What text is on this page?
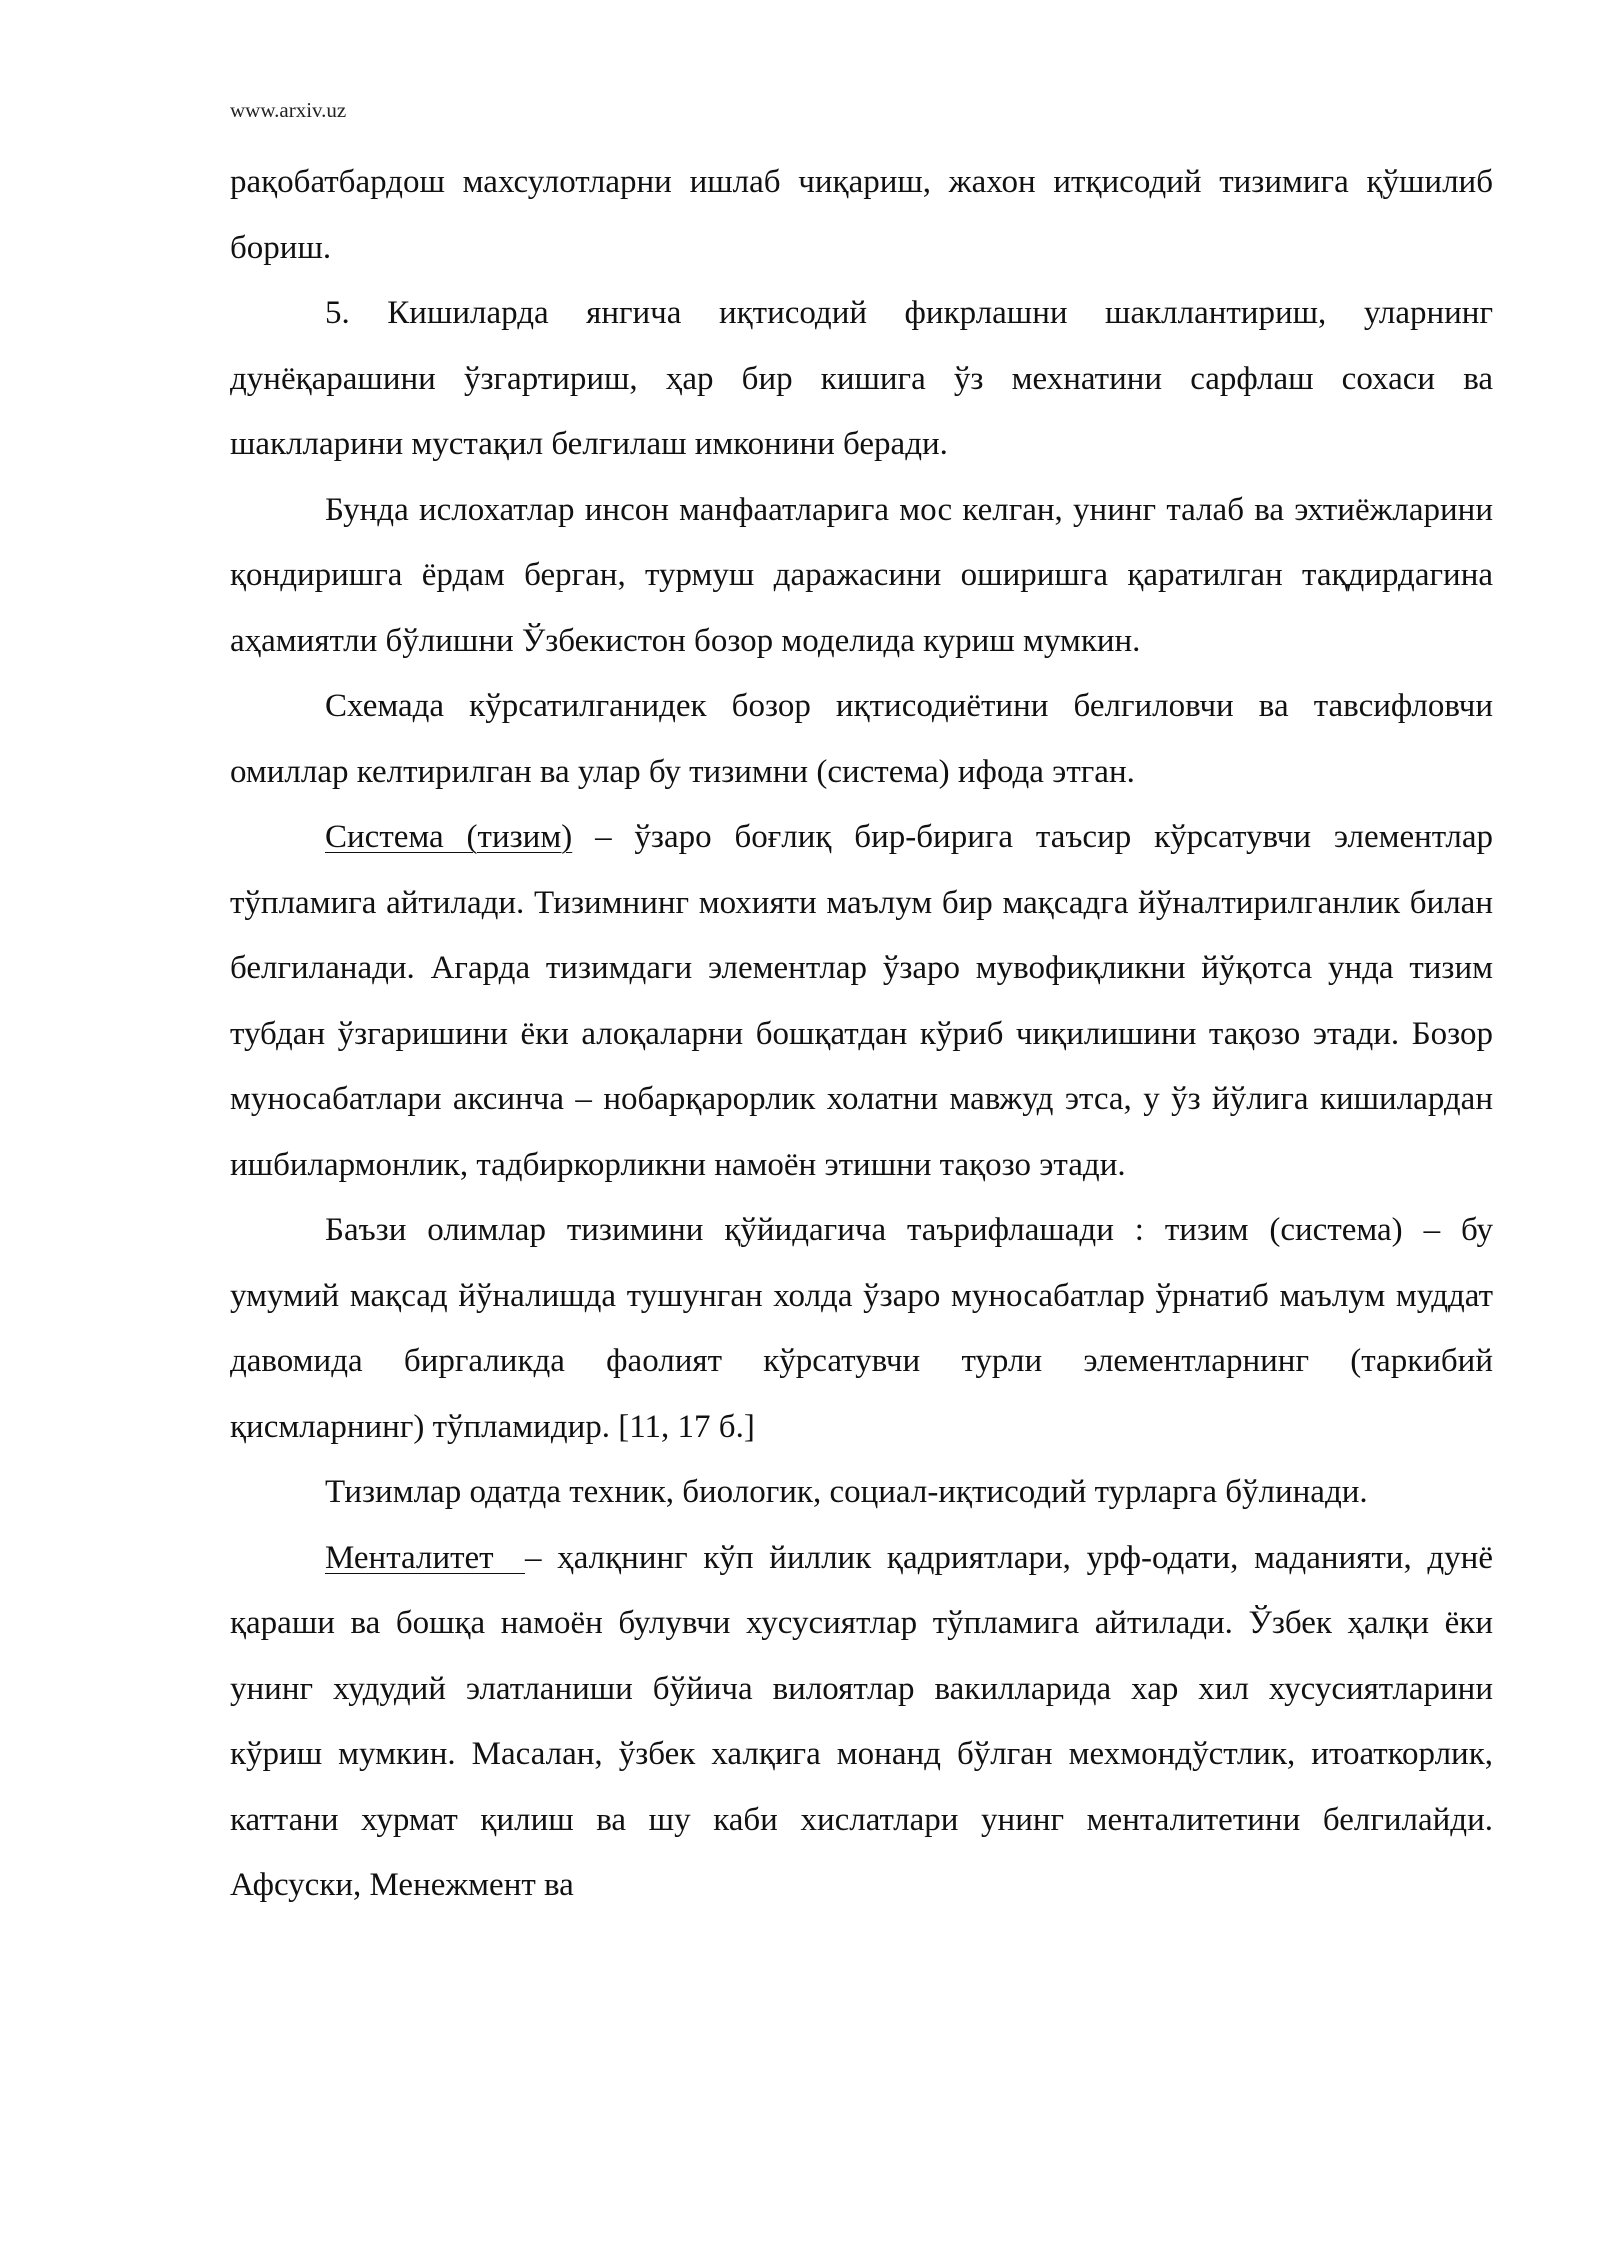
www.arxiv.uz

рақобатбардош махсулотларни ишлаб чиқариш, жахон итқисодий тизимига қўшилиб бориш.

5. Кишиларда янгича иқтисодий фикрлашни шакллантириш, уларнинг дунёқарашини ўзгартириш, ҳар бир кишига ўз мехнатини сарфлаш сохаси ва шаклларини мустақил белгилаш имконини беради.

Бунда ислохатлар инсон манфаатларига мос келган, унинг талаб ва эхтиёжларини қондиришга ёрдам берган, турмуш даражасини оширишга қаратилган тақдирдагина аҳамиятли бўлишни Ўзбекистон бозор моделида куриш мумкин.

Схемада кўрсатилганидек бозор иқтисодиётини белгиловчи ва тавсифловчи омиллар келтирилган ва улар бу тизимни (система) ифода этган.

Система (тизим) – ўзаро боғлиқ бир-бирига таъсир кўрсатувчи элементлар тўпламига айтилади. Тизимнинг мохияти маълум бир мақсадга йўналтирилганлик билан белгиланади. Агарда тизимдаги элементлар ўзаро мувофиқликни йўқотса унда тизим тубдан ўзгаришини ёки алоқаларни бошқатдан кўриб чиқилишини тақозо этади. Бозор муносабатлари аксинча – нобарқарорлик холатни мавжуд этса, у ўз йўлига кишилардан ишбилармонлик, тадбиркорликни намоён этишни тақозо этади.

Баъзи олимлар тизимини қўйидагича таърифлашади : тизим (система) – бу умумий мақсад йўналишда тушунган холда ўзаро муносабатлар ўрнатиб маълум муддат давомида биргаликда фаолият кўрсатувчи турли элементларнинг (таркибий қисмларнинг) тўпламидир. [11, 17 б.]

Тизимлар одатда техник, биологик, социал-иқтисодий турларга бўлинади.

Менталитет  – ҳалқнинг кўп йиллик қадриятлари, урф-одати, маданияти, дунё қараши ва бошқа намоён булувчи хусусиятлар тўпламига айтилади. Ўзбек ҳалқи ёки унинг худудий элатланиши бўйича вилоятлар вакилларида хар хил хусусиятларини кўриш мумкин. Масалан, ўзбек халқига монанд бўлган мехмондўстлик, итоаткорлик, каттани хурмат қилиш ва шу каби хислатлари унинг менталитетини белгилайди. Афсуски, Менежмент ва
